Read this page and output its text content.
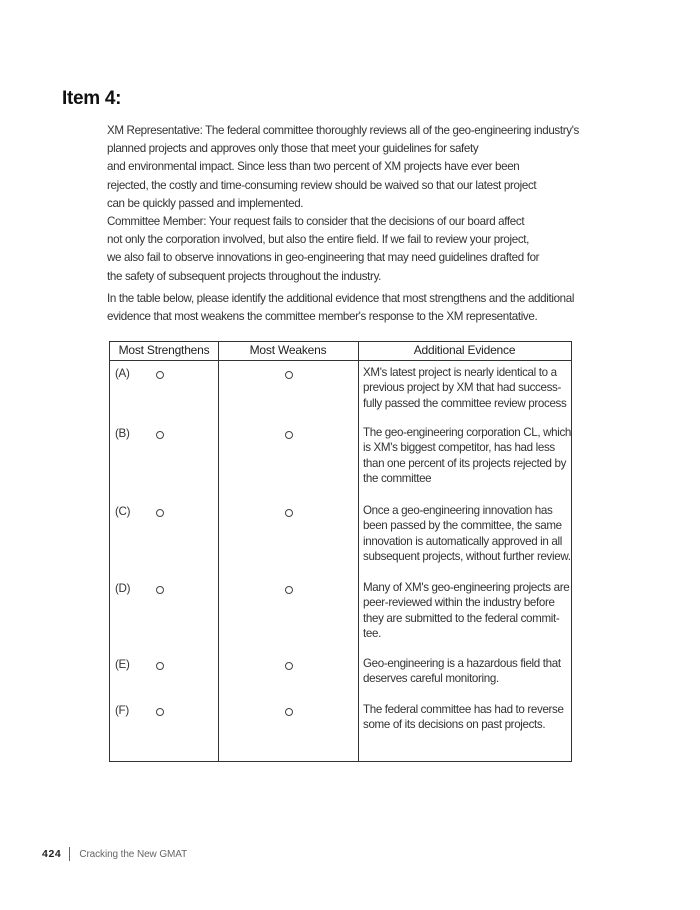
Item 4:
XM Representative: The federal committee thoroughly reviews all of the geo-engineering industry's
planned projects and approves only those that meet your guidelines for safety
and environmental impact. Since less than two percent of XM projects have ever been
rejected, the costly and time-consuming review should be waived so that our latest project
can be quickly passed and implemented.
Committee Member: Your request fails to consider that the decisions of our board affect
not only the corporation involved, but also the entire field. If we fail to review your project,
we also fail to observe innovations in geo-engineering that may need guidelines drafted for
the safety of subsequent projects throughout the industry.
In the table below, please identify the additional evidence that most strengthens and the additional
evidence that most weakens the committee member's response to the XM representative.
Most Strengthens	Most Weakens	Additional Evidence
(A)	XM's latest project is nearly identical to a
previous project by XM that had success-
fully passed the committee review process
(B)	The geo-engineering corporation CL, which
is XM's biggest competitor, has had less
than one percent of its projects rejected by
the committee
(C)	Once a geo-engineering innovation has
been passed by the committee, the same
innovation is automatically approved in all
subsequent projects, without further review.
(D)	Many of XM's geo-engineering projects are
peer-reviewed within the industry before
they are submitted to the federal commit-
tee.
(E)	Geo-engineering is a hazardous field that
deserves careful monitoring.
(F)	The federal committee has had to reverse
some of its decisions on past projects.
424 Cracking the New GMAT
